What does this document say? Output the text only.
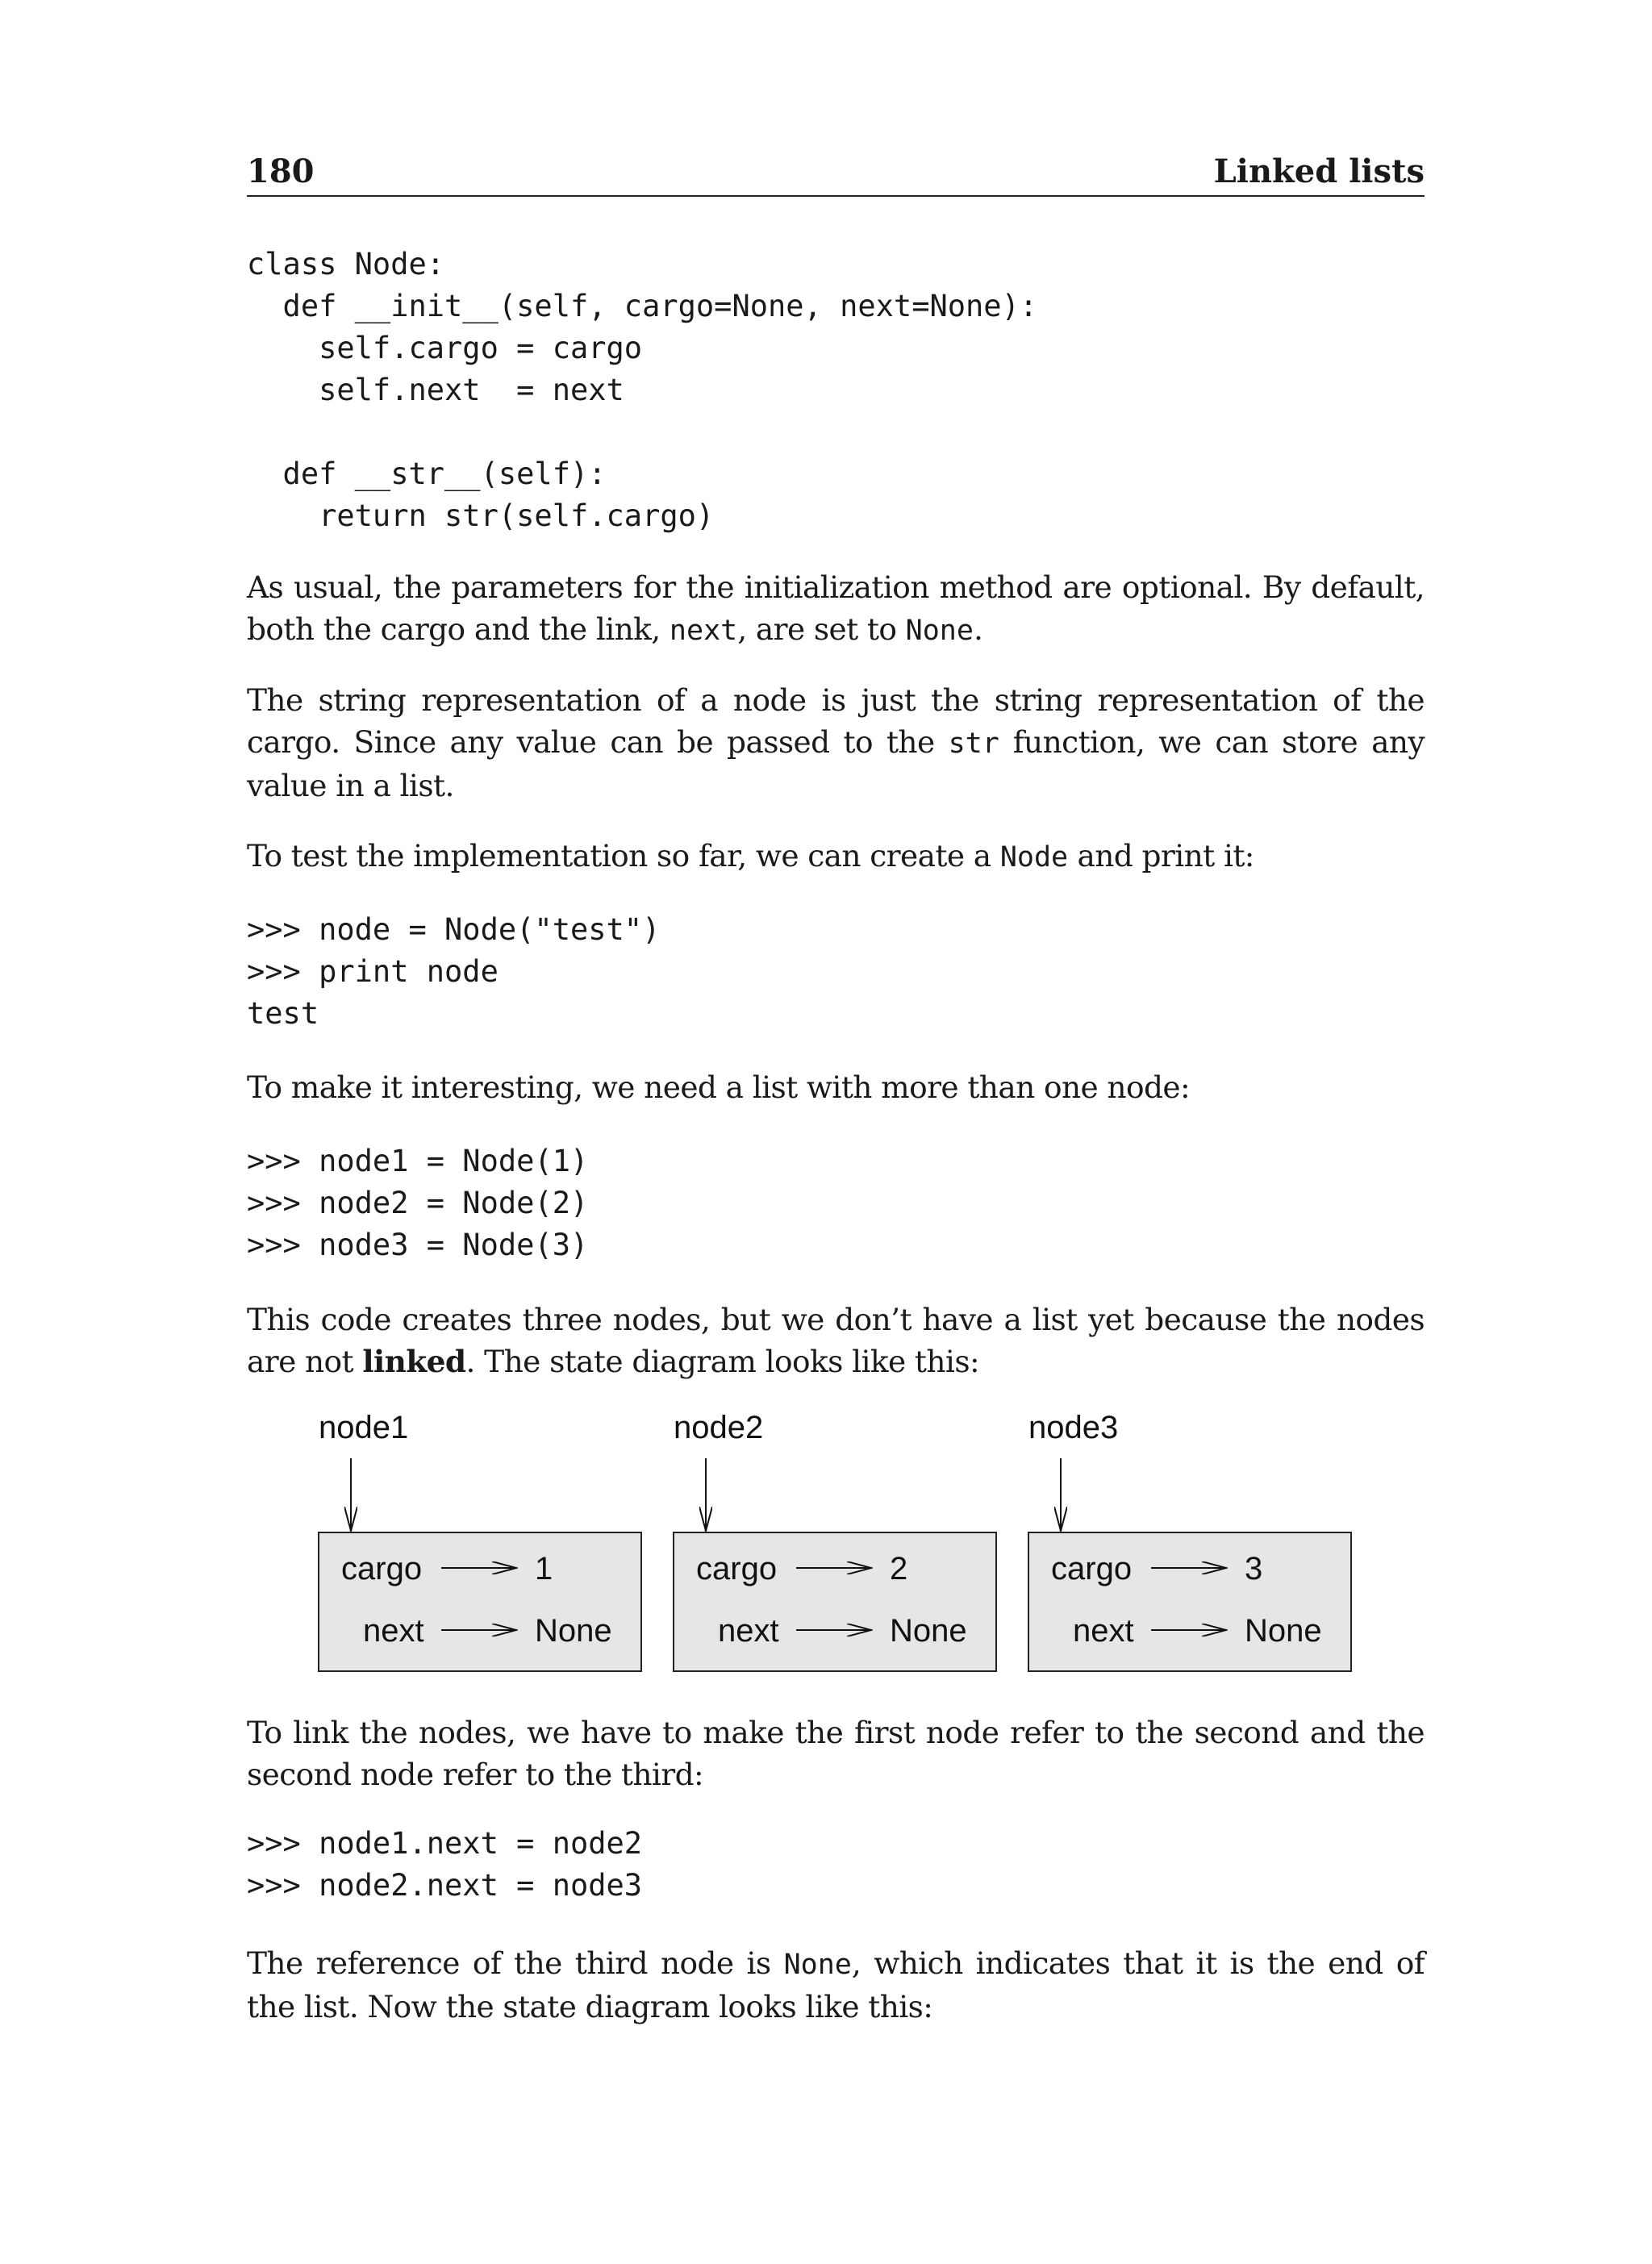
180	Linked lists
class Node:
def __init__(self, cargo=None, next=None):
self.cargo = cargo
self.next  = next

def __str__(self):
return str(self.cargo)

As usual, the parameters for the initialization method are optional. By default, both the cargo and the link, next, are set to None.

The string representation of a node is just the string representation of the cargo. Since any value can be passed to the str function, we can store any value in a list.

To test the implementation so far, we can create a Node and print it:

>>> node = Node("test")
>>> print node
test

To make it interesting, we need a list with more than one node:

>>> node1 = Node(1)
>>> node2 = Node(2)
>>> node3 = Node(3)

This code creates three nodes, but we don’t have a list yet because the nodes are not linked. The state diagram looks like this:

node1
cargo	1
next	None
node2
cargo	2
next	None
node3
cargo	3
next	None

To link the nodes, we have to make the first node refer to the second and the second node refer to the third:

>>> node1.next = node2
>>> node2.next = node3

The reference of the third node is None, which indicates that it is the end of the list. Now the state diagram looks like this:
